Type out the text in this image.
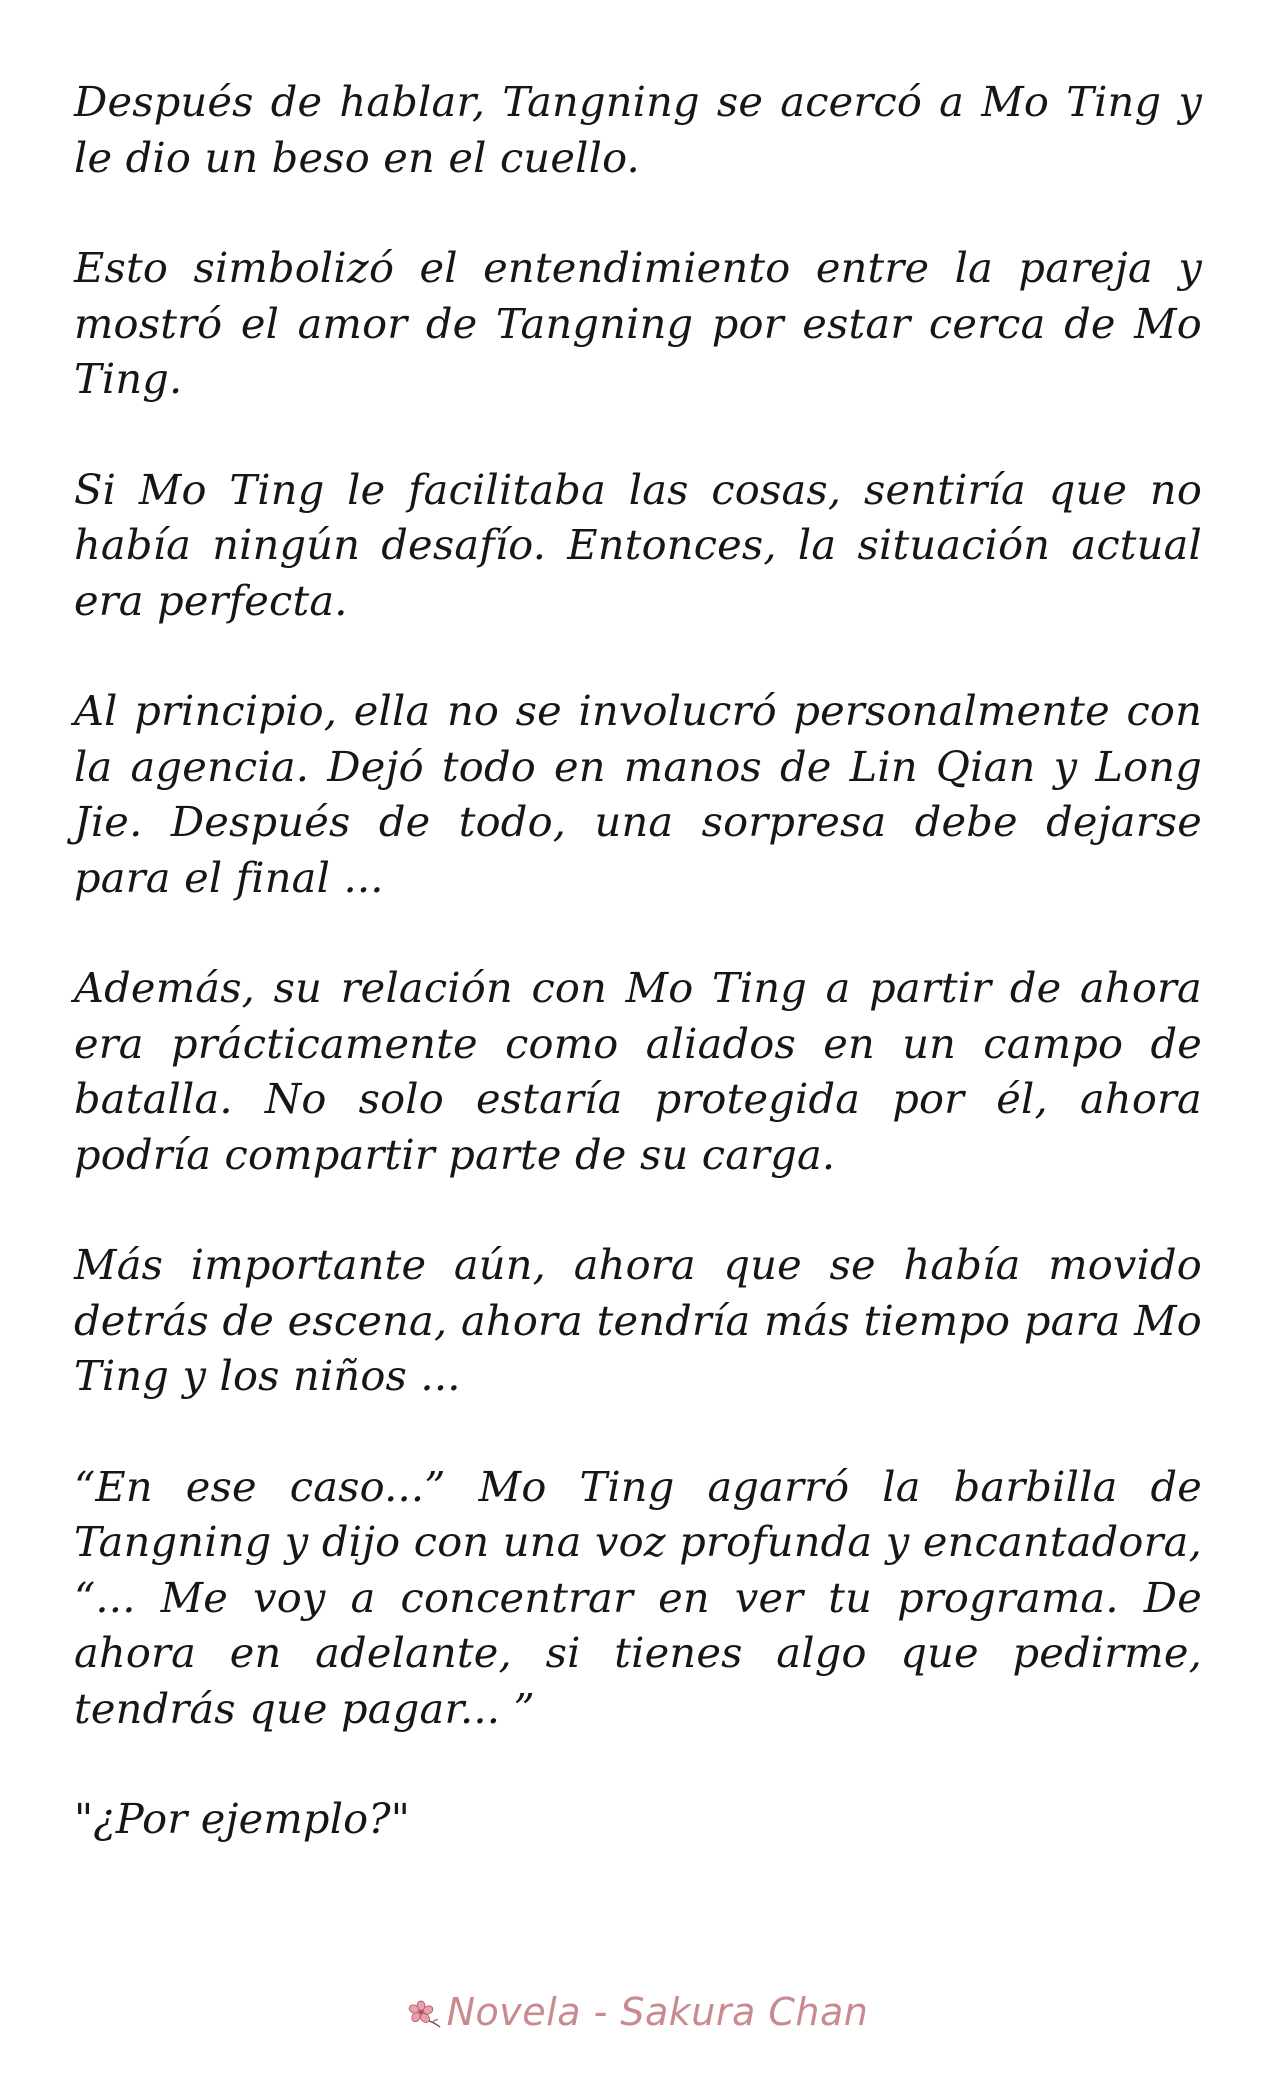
Después de hablar, Tangning se acercó a Mo Ting y le dio un beso en el cuello.

Esto simbolizó el entendimiento entre la pareja y mostró el amor de Tangning por estar cerca de Mo Ting.

Si Mo Ting le facilitaba las cosas, sentiría que no había ningún desafío. Entonces, la situación actual era perfecta.

Al principio, ella no se involucró personalmente con la agencia. Dejó todo en manos de Lin Qian y Long Jie. Después de todo, una sorpresa debe dejarse para el final ...

Además, su relación con Mo Ting a partir de ahora era prácticamente como aliados en un campo de batalla. No solo estaría protegida por él, ahora podría compartir parte de su carga.

Más importante aún, ahora que se había movido detrás de escena, ahora tendría más tiempo para Mo Ting y los niños ...

“En ese caso...” Mo Ting agarró la barbilla de Tangning y dijo con una voz profunda y encantadora, “... Me voy a concentrar en ver tu programa. De ahora en adelante, si tienes algo que pedirme, tendrás que pagar... ”

"¿Por ejemplo?"

Novela - Sakura Chan
